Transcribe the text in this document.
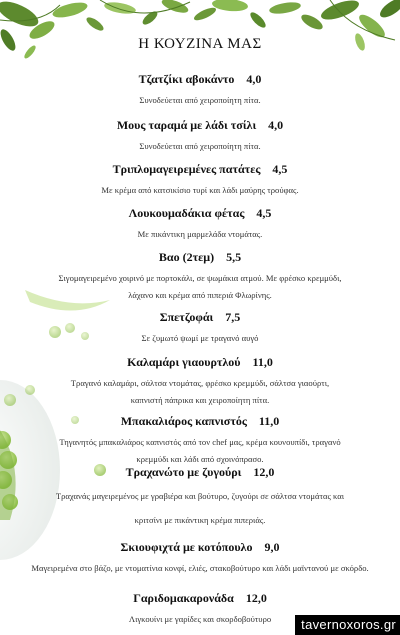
Η ΚΟΥΖΙΝΑ ΜΑΣ
Τζατζίκι αβοκάντο 4,0
Συνοδεύεται από χειροποίητη πίτα.
Μους ταραμά με λάδι τσίλι 4,0
Συνοδεύεται από χειροποίητη πίτα.
Τριπλομαγειρεμένες πατάτες 4,5
Με κρέμα από κατσικίσιο τυρί και λάδι μαύρης τρούφας.
Λουκουμαδάκια φέτας 4,5
Με πικάντικη μαρμελάδα ντομάτας.
Βαο (2τεμ) 5,5
Σιγομαγειρεμένο χοιρινό με πορτοκάλι, σε ψωμάκια ατμού. Με φρέσκο κρεμμύδι,
λάχανο και κρέμα από πιπεριά Φλωρίνης.
Σπετζοφάι 7,5
Σε ζυμωτό ψωμί με τραγανό αυγό
Καλαμάρι γιαουρτλού 11,0
Τραγανό καλαμάρι, σάλτσα ντομάτας, φρέσκο κρεμμύδι, σάλτσα γιαούρτι,
καπνιστή πάπρικα και χειροποίητη πίτα.
Μπακαλιάρος καπνιστός 11,0
Τηγανητός μπακαλιάρος καπνιστός από τον chef μας, κρέμα κουνουπίδι, τραγανό
κρεμμύδι και λάδι από σχοινόπρασο.
Τραχανώτο με ζυγούρι 12,0
Τραχανάς μαγειρεμένος με γραβιέρα και βούτυρο, ζυγούρι σε σάλτσα ντομάτας και
κριτσίνι με πικάντικη κρέμα πιπεριάς.
Σκιουφιχτά με κοτόπουλο 9,0
Μαγειρεμένα στο βάζο, με ντοματίνια κονφί, ελιές, στακοβούτυρο και λάδι μαϊντανού με σκόρδο.
Γαριδομακαρονάδα 12,0
Λιγκουίνι με γαρίδες και σκορδοβούτυρο	tavernoxoros.gr
